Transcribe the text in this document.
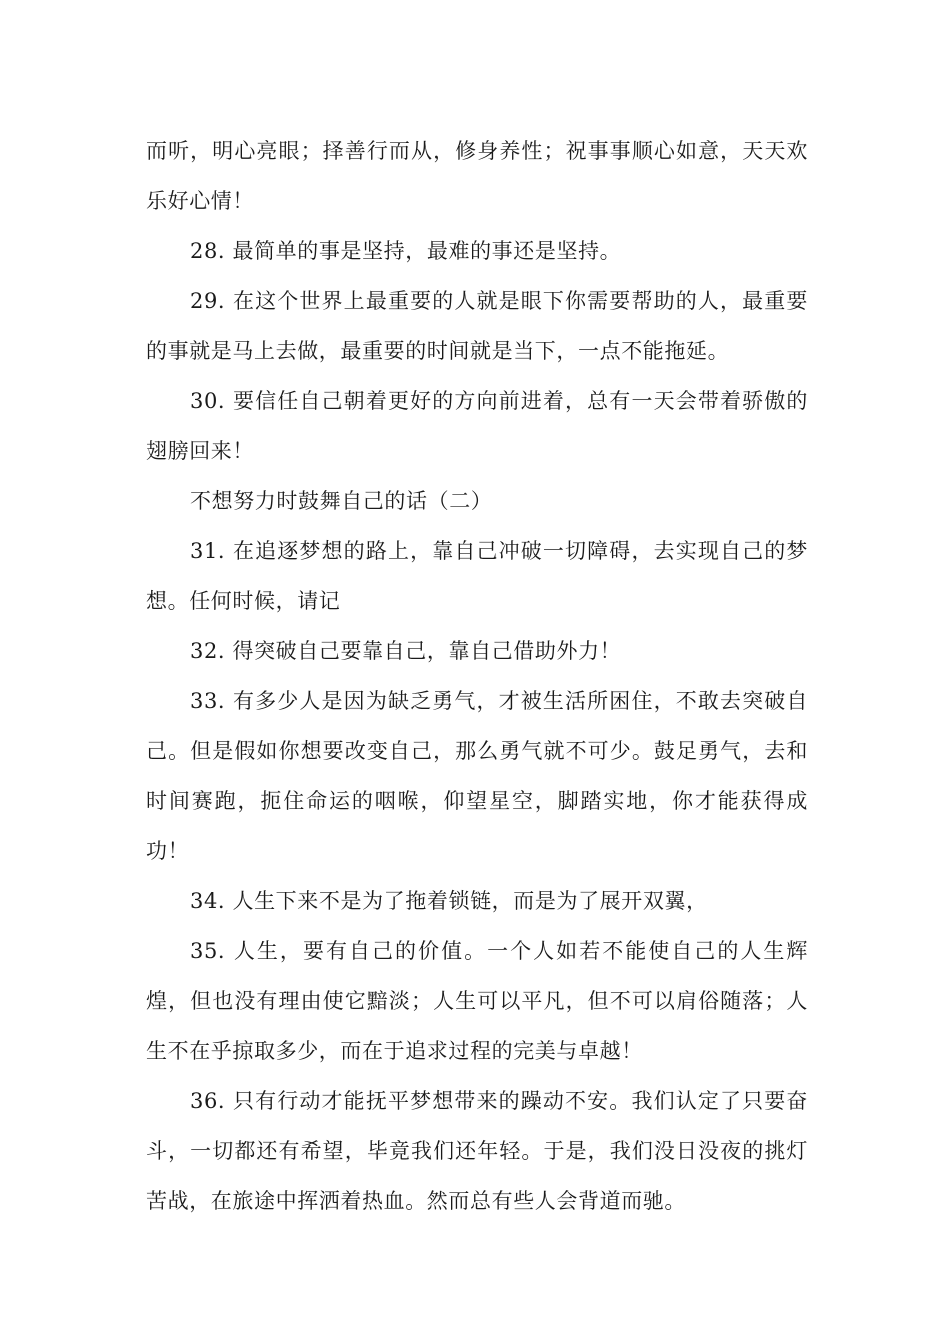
而听，明心亮眼；择善行而从，修身养性；祝事事顺心如意，天天欢乐好心情！

28. 最简单的事是坚持，最难的事还是坚持。

29. 在这个世界上最重要的人就是眼下你需要帮助的人，最重要的事就是马上去做，最重要的时间就是当下，一点不能拖延。

30. 要信任自己朝着更好的方向前进着，总有一天会带着骄傲的翅膀回来！

不想努力时鼓舞自己的话（二）

31. 在追逐梦想的路上，靠自己冲破一切障碍，去实现自己的梦想。任何时候，请记

32. 得突破自己要靠自己，靠自己借助外力！

33. 有多少人是因为缺乏勇气，才被生活所困住，不敢去突破自己。但是假如你想要改变自己，那么勇气就不可少。鼓足勇气，去和时间赛跑，扼住命运的咽喉，仰望星空，脚踏实地，你才能获得成功！

34. 人生下来不是为了拖着锁链，而是为了展开双翼，

35. 人生，要有自己的价值。一个人如若不能使自己的人生辉煌，但也没有理由使它黯淡；人生可以平凡，但不可以肩俗随落；人生不在乎掠取多少，而在于追求过程的完美与卓越！

36. 只有行动才能抚平梦想带来的躁动不安。我们认定了只要奋斗，一切都还有希望，毕竟我们还年轻。于是，我们没日没夜的挑灯苦战，在旅途中挥洒着热血。然而总有些人会背道而驰。
